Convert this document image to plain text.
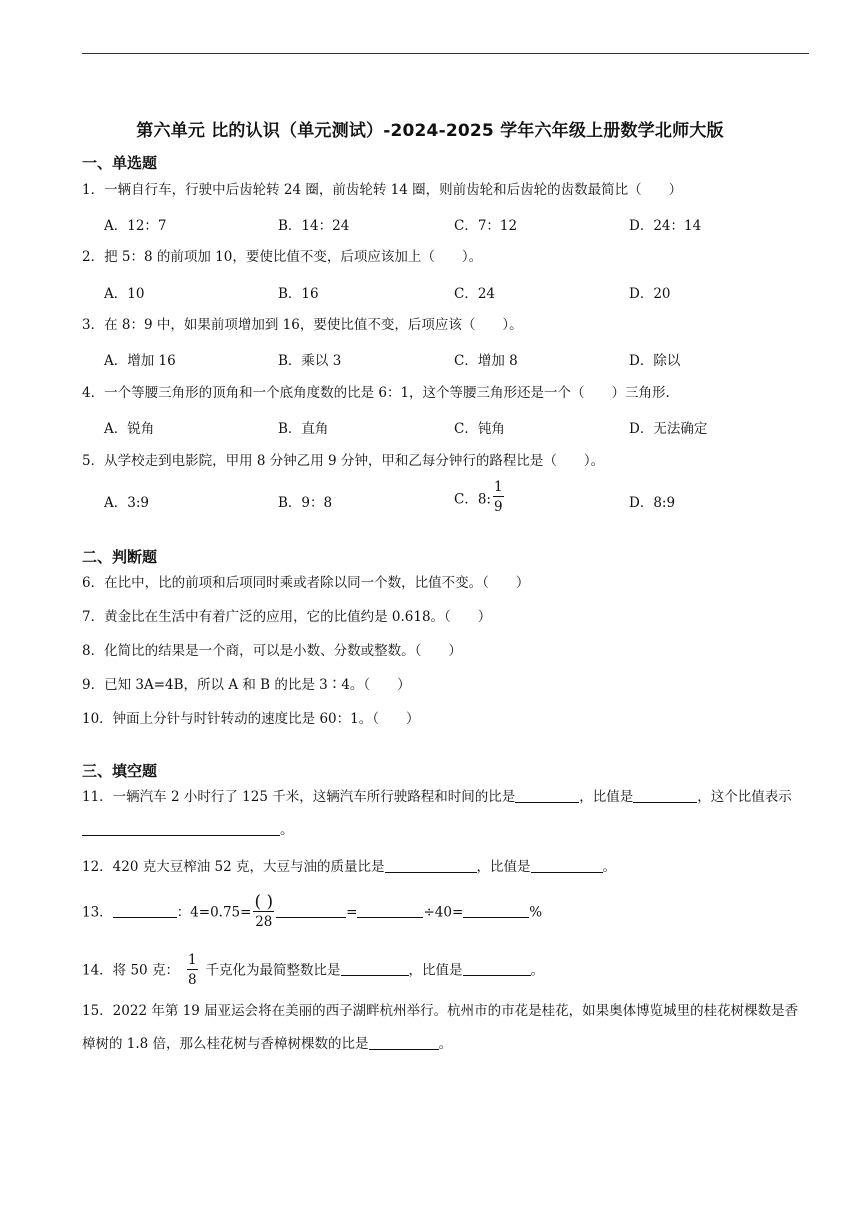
第六单元 比的认识（单元测试）-2024-2025 学年六年级上册数学北师大版
一、单选题
1．一辆自行车，行驶中后齿轮转 24 圈，前齿轮转 14 圈，则前齿轮和后齿轮的齿数最简比（　　）
A．12：7	B．14：24	C．7：12	D．24：14
2．把 5：8 的前项加 10，要使比值不变，后项应该加上（　　）。
A．10	B．16	C．24	D．20
3．在 8：9 中，如果前项增加到 16，要使比值不变，后项应该（　　）。
A．增加 16	B．乘以 3	C．增加 8	D．除以
4．一个等腰三角形的顶角和一个底角度数的比是 6：1，这个等腰三角形还是一个（　　）三角形.
A．锐角	B．直角	C．钝角	D．无法确定
5．从学校走到电影院，甲用 8 分钟乙用 9 分钟，甲和乙每分钟行的路程比是（　　）。
A．3:9	B．9：8	C．8: $\frac{1}{9}$	D．8:9
二、判断题
6．在比中，比的前项和后项同时乘或者除以同一个数，比值不变。（　　）
7．黄金比在生活中有着广泛的应用，它的比值约是 0.618。（　　）
8．化简比的结果是一个商，可以是小数、分数或整数。（　　）
9．已知 3A=4B，所以 A 和 B 的比是 3∶4。（　　）
10．钟面上分针与时针转动的速度比是 60：1。（　　）
三、填空题
11．一辆汽车 2 小时行了 125 千米，这辆汽车所行驶路程和时间的比是	，比值是	，这个比值表示。
12．420 克大豆榨油 52 克，大豆与油的质量比是	，比值是	。
13．	：$4=0.75= \frac{( )}{28}$	=	÷40=	%
14．将 50 克： $\frac{1}{8}$ 千克化为最简整数比是	，比值是	。
15．2022 年第 19 届亚运会将在美丽的西子湖畔杭州举行。杭州市的市花是桂花，如果奥体博览城里的桂花树棵数是香樟树的 1.8 倍，那么桂花树与香樟树棵数的比是	。
